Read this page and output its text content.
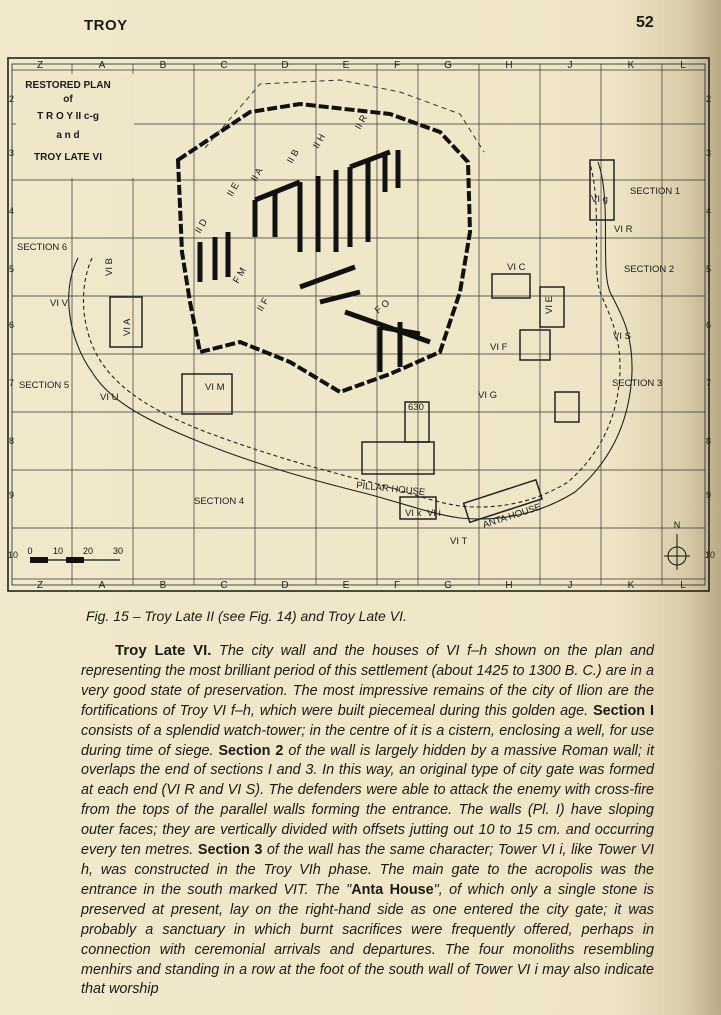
TROY	52
Z	A	B	C	D	E	F	G	H	J	K	L
Z	A	B	C	D	E	F	G	H	J	K	L
2
3
4
5
6
7
8
9
10
2
3
4
5
6
7
8
9
10
RESTORED PLAN
of
T R O Y II c-g
a n d
TROY LATE VI
SECTION 1
SECTION 2
SECTION 3
SECTION 4
SECTION 5
SECTION 6
VI g
VI R
VI S
VI C
VI E
VI F
VI G
VI M
VI U
VI V
VI A
VI B
VI k VI i
VI T
PILLAR HOUSE
ANTA HOUSE
II E
II A
II B
II H
II R
II D
II F
F M
F O
630
0 10 20 30
N
Fig. 15 – Troy Late II (see Fig. 14) and Troy Late VI.
Troy Late VI. The city wall and the houses of VI f–h shown on the plan and representing the most brilliant period of this settlement (about 1425 to 1300 B. C.) are in a very good state of preservation. The most impressive remains of the city of Ilion are the fortifications of Troy VI f–h, which were built piecemeal during this golden age. Section I consists of a splendid watch-tower; in the centre of it is a cistern, enclosing a well, for use during time of siege. Section 2 of the wall is largely hidden by a massive Roman wall; it overlaps the end of sections I and 3. In this way, an original type of city gate was formed at each end (VI R and VI S). The defenders were able to attack the enemy with cross-fire from the tops of the parallel walls forming the entrance. The walls (Pl. I) have sloping outer faces; they are vertically divided with offsets jutting out 10 to 15 cm. and occurring every ten metres. Section 3 of the wall has the same character; Tower VI i, like Tower VI h, was constructed in the Troy VIh phase. The main gate to the acropolis was the entrance in the south marked VIT. The "Anta House", of which only a single stone is preserved at present, lay on the right-hand side as one entered the city gate; it was probably a sanctuary in which burnt sacrifices were frequently offered, perhaps in connection with ceremonial arrivals and departures. The four monoliths resembling menhirs and standing in a row at the foot of the south wall of Tower VI i may also indicate that worship
